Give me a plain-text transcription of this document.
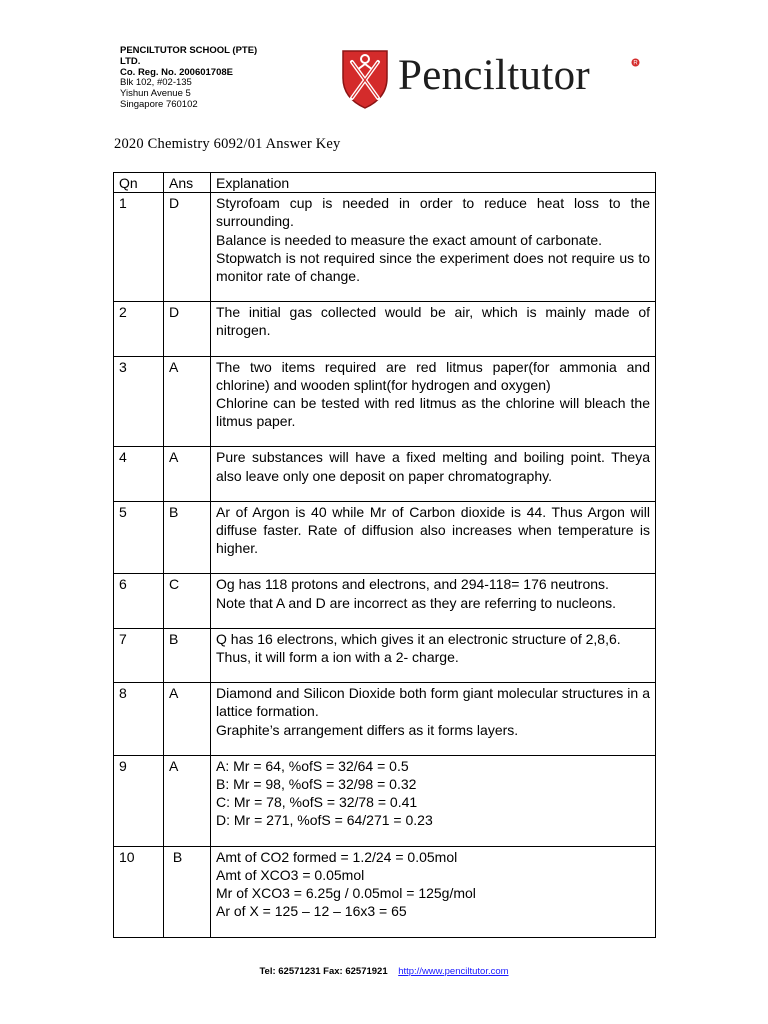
PENCILTUTOR SCHOOL (PTE)
LTD.
Co. Reg. No. 200601708E
Blk 102, #02-135
Yishun Avenue 5
Singapore 760102
Penciltutor	R
2020 Chemistry 6092/01 Answer Key
Qn	Ans	Explanation
1	D	Styrofoam cup is needed in order to reduce heat loss to the surrounding.
Balance is needed to measure the exact amount of carbonate.
Stopwatch is not required since the experiment does not require us to monitor rate of change.

2	D	The initial gas collected would be air, which is mainly made of nitrogen.

3	A	The two items required are red litmus paper(for ammonia and chlorine) and wooden splint(for hydrogen and oxygen)
Chlorine can be tested with red litmus as the chlorine will bleach the litmus paper.

4	A	Pure substances will have a fixed melting and boiling point. Theya also leave only one deposit on paper chromatography.

5	B	Ar of Argon is 40 while Mr of Carbon dioxide is 44. Thus Argon will diffuse faster. Rate of diffusion also increases when temperature is higher.

6	C	Og has 118 protons and electrons, and 294-118= 176 neutrons.
Note that A and D are incorrect as they are referring to nucleons.

7	B	Q has 16 electrons, which gives it an electronic structure of 2,8,6.
Thus, it will form a ion with a 2- charge.

8	A	Diamond and Silicon Dioxide both form giant molecular structures in a lattice formation.
Graphite’s arrangement differs as it forms layers.

9	A	A: Mr = 64, %ofS = 32/64 = 0.5
B: Mr = 98, %ofS = 32/98 = 0.32
C: Mr = 78, %ofS = 32/78 = 0.41
D: Mr = 271, %ofS = 64/271 = 0.23

10	B	Amt of CO2 formed = 1.2/24 = 0.05mol
Amt of XCO3 = 0.05mol
Mr of XCO3 = 6.25g / 0.05mol = 125g/mol
Ar of X = 125 – 12 – 16x3 = 65
Tel: 62571231 Fax: 62571921 http://www.penciltutor.com
